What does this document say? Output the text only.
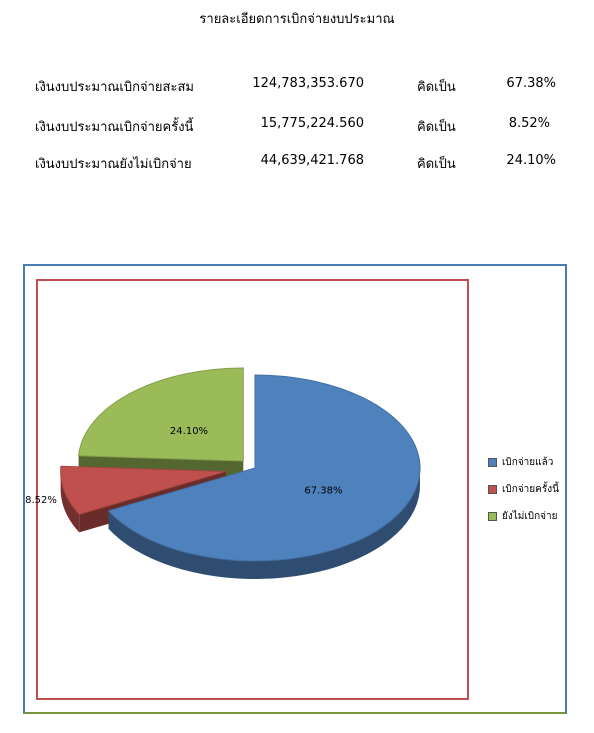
รายละเอียดการเบิกจ่ายงบประมาณ
เงินงบประมาณเบิกจ่ายสะสม	124,783,353.670	คิดเป็น	67.38%
เงินงบประมาณเบิกจ่ายครั้งนี้	15,775,224.560	คิดเป็น	8.52%
เงินงบประมาณยังไม่เบิกจ่าย	44,639,421.768	คิดเป็น	24.10%
67.38%
8.52%
24.10%
เบิกจ่ายแล้ว
เบิกจ่ายครั้งนี้
ยังไม่เบิกจ่าย
